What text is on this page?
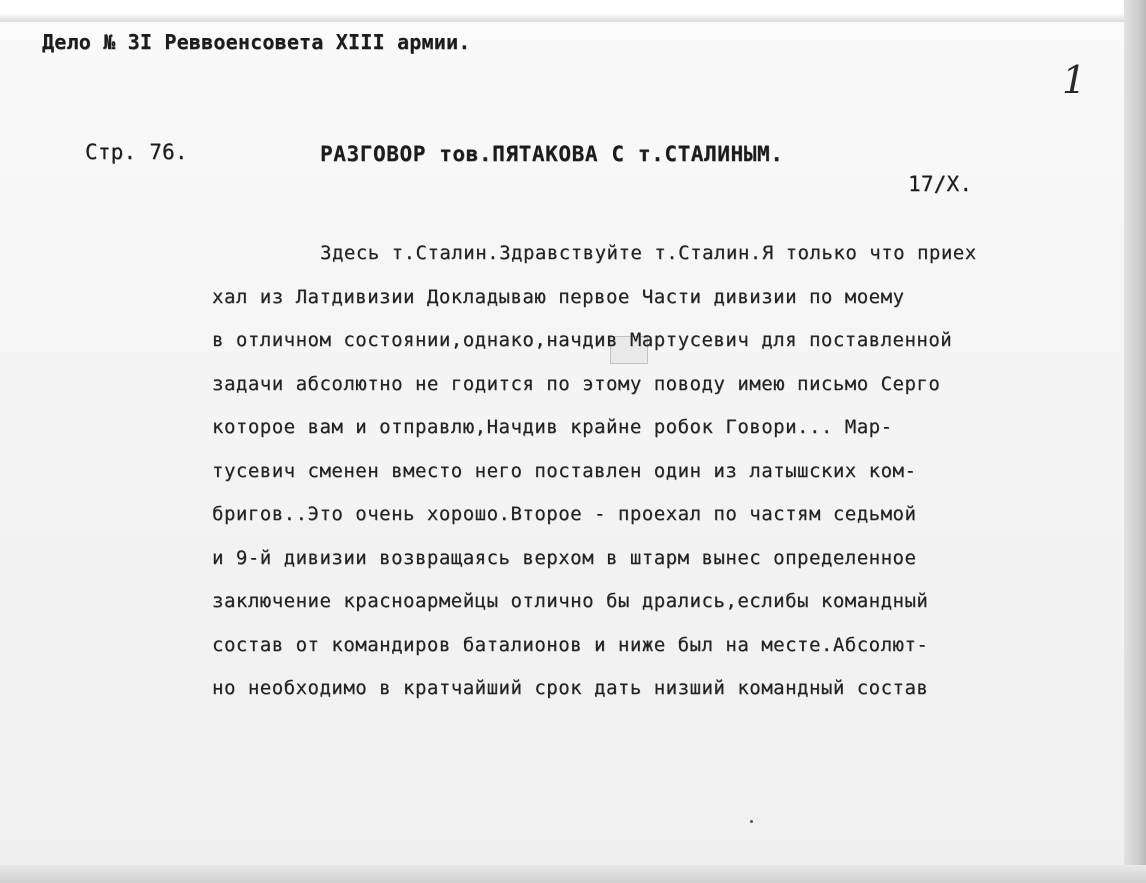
Дело № 3I Реввоенсовета XIII армии.
1
Стр. 76.	РАЗГОВОР тов.ПЯТАКОВА С т.СТАЛИНЫМ.
17/X.
Здесь т.Сталин.Здравствуйте т.Сталин.Я только что приех
хал из Латдивизии Докладываю первое Части дивизии по моему
в отличном состоянии,однако,начдив Мартусевич для поставленной
задачи абсолютно не годится по этому поводу имею письмо Серго
которое вам и отправлю,Начдив крайне робок Говори... Мар-
тусевич сменен вместо него поставлен один из латышских ком-
бригов..Это очень хорошо.Второе - проехал по частям седьмой
и 9-й дивизии возвращаясь верхом в штарм вынес определенное
заключение красноармейцы отлично бы дрались,еслибы командный
состав от командиров баталионов и ниже был на месте.Абсолют-
но необходимо в кратчайший срок дать низший командный состав
